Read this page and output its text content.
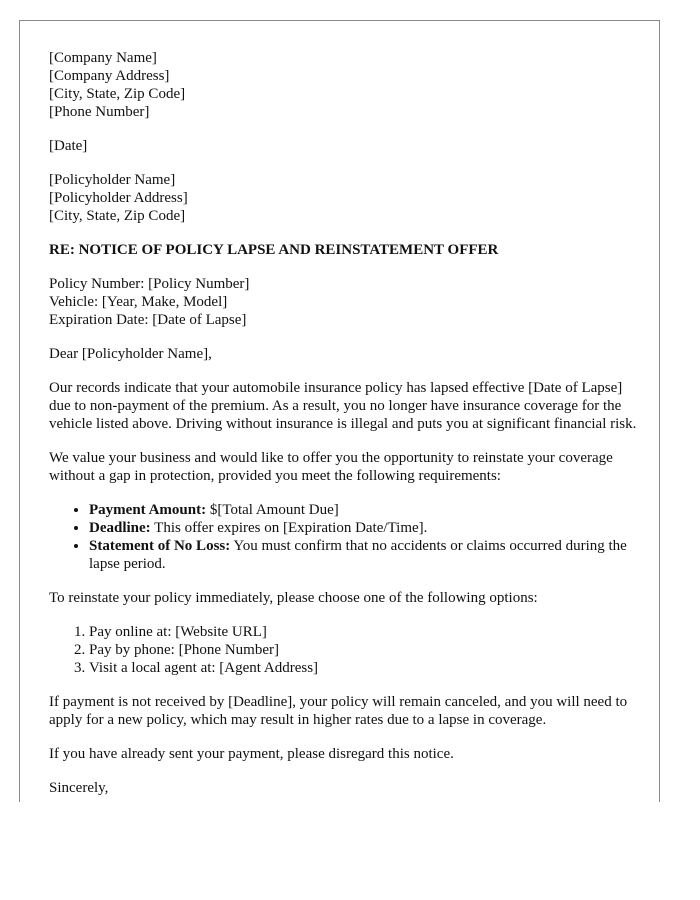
[Company Name]
[Company Address]
[City, State, Zip Code]
[Phone Number]

[Date]

[Policyholder Name]
[Policyholder Address]
[City, State, Zip Code]

RE: NOTICE OF POLICY LAPSE AND REINSTATEMENT OFFER

Policy Number: [Policy Number]
Vehicle: [Year, Make, Model]
Expiration Date: [Date of Lapse]

Dear [Policyholder Name],

Our records indicate that your automobile insurance policy has lapsed effective [Date of Lapse] due to non-payment of the premium. As a result, you no longer have insurance coverage for the vehicle listed above. Driving without insurance is illegal and puts you at significant financial risk.

We value your business and would like to offer you the opportunity to reinstate your coverage without a gap in protection, provided you meet the following requirements:

• Payment Amount: $[Total Amount Due]
• Deadline: This offer expires on [Expiration Date/Time].
• Statement of No Loss: You must confirm that no accidents or claims occurred during the lapse period.

To reinstate your policy immediately, please choose one of the following options:

1. Pay online at: [Website URL]
2. Pay by phone: [Phone Number]
3. Visit a local agent at: [Agent Address]

If payment is not received by [Deadline], your policy will remain canceled, and you will need to apply for a new policy, which may result in higher rates due to a lapse in coverage.

If you have already sent your payment, please disregard this notice.

Sincerely,
